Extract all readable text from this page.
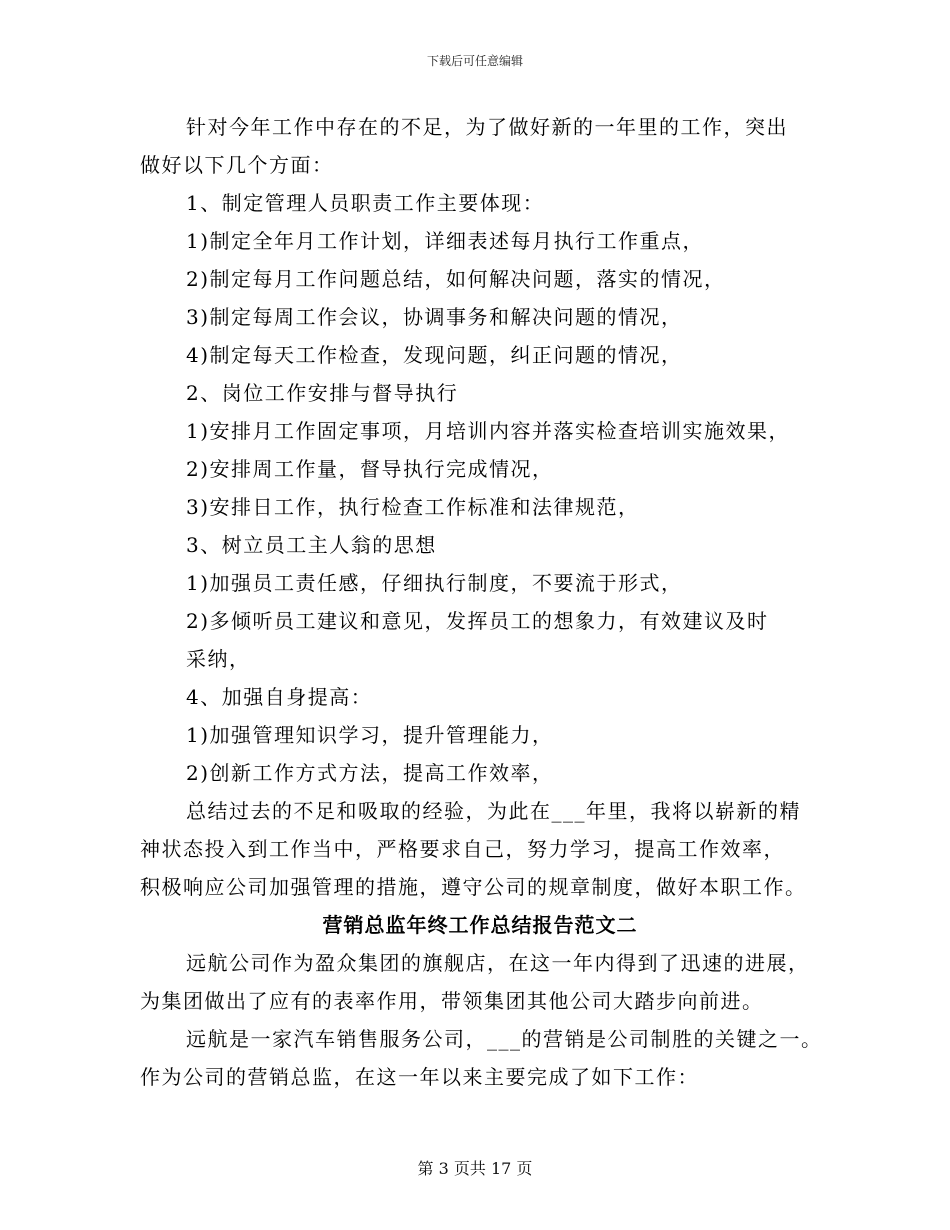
下载后可任意编辑
针对今年工作中存在的不足，为了做好新的一年里的工作，突出
做好以下几个方面：
1、制定管理人员职责工作主要体现：
1)制定全年月工作计划，详细表述每月执行工作重点，
2)制定每月工作问题总结，如何解决问题，落实的情况，
3)制定每周工作会议，协调事务和解决问题的情况，
4)制定每天工作检查，发现问题，纠正问题的情况，
2、岗位工作安排与督导执行
1)安排月工作固定事项，月培训内容并落实检查培训实施效果，
2)安排周工作量，督导执行完成情况，
3)安排日工作，执行检查工作标准和法律规范，
3、树立员工主人翁的思想
1)加强员工责任感，仔细执行制度，不要流于形式，
2)多倾听员工建议和意见，发挥员工的想象力，有效建议及时
采纳，
4、加强自身提高：
1)加强管理知识学习，提升管理能力，
2)创新工作方式方法，提高工作效率，
总结过去的不足和吸取的经验，为此在___年里，我将以崭新的精
神状态投入到工作当中，严格要求自己，努力学习，提高工作效率，
积极响应公司加强管理的措施，遵守公司的规章制度，做好本职工作。
营销总监年终工作总结报告范文二
远航公司作为盈众集团的旗舰店，在这一年内得到了迅速的进展，
为集团做出了应有的表率作用，带领集团其他公司大踏步向前进。
远航是一家汽车销售服务公司，___的营销是公司制胜的关键之一。
作为公司的营销总监，在这一年以来主要完成了如下工作：
第 3 页共 17 页
